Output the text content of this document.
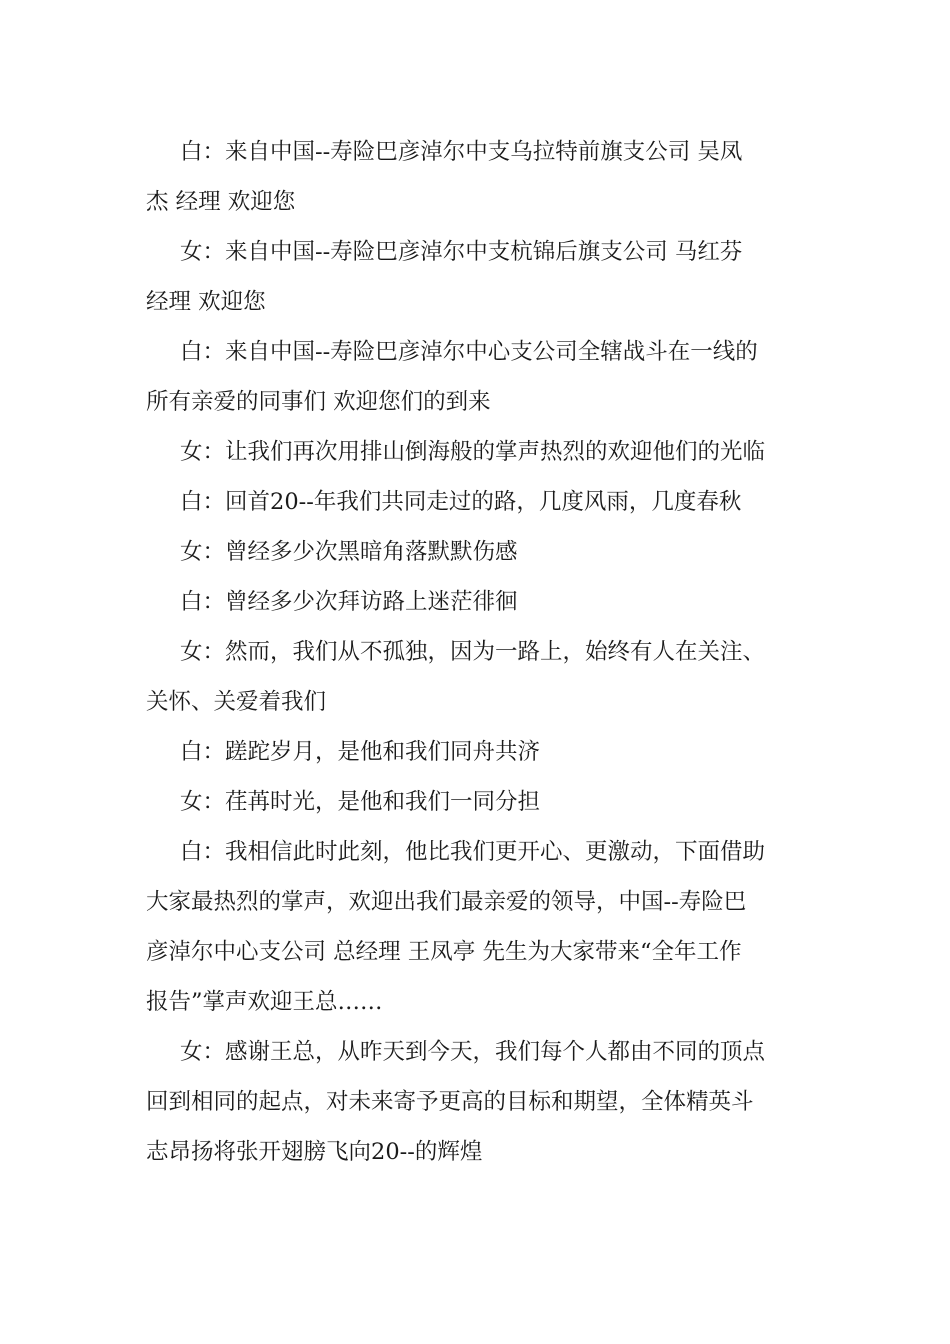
白：来自中国--寿险巴彦淖尔中支乌拉特前旗支公司 吴凤
杰 经理 欢迎您

女：来自中国--寿险巴彦淖尔中支杭锦后旗支公司 马红芬
经理 欢迎您

白：来自中国--寿险巴彦淖尔中心支公司全辖战斗在一线的
所有亲爱的同事们 欢迎您们的到来

女：让我们再次用排山倒海般的掌声热烈的欢迎他们的光临

白：回首20--年我们共同走过的路，几度风雨，几度春秋

女：曾经多少次黑暗角落默默伤感

白：曾经多少次拜访路上迷茫徘徊

女：然而，我们从不孤独，因为一路上，始终有人在关注、
关怀、关爱着我们

白：蹉跎岁月，是他和我们同舟共济

女：荏苒时光，是他和我们一同分担

白：我相信此时此刻，他比我们更开心、更激动，下面借助
大家最热烈的掌声，欢迎出我们最亲爱的领导，中国--寿险巴
彦淖尔中心支公司 总经理 王凤亭 先生为大家带来“全年工作
报告”掌声欢迎王总……

女：感谢王总，从昨天到今天，我们每个人都由不同的顶点
回到相同的起点，对未来寄予更高的目标和期望，全体精英斗
志昂扬将张开翅膀飞向20--的辉煌
